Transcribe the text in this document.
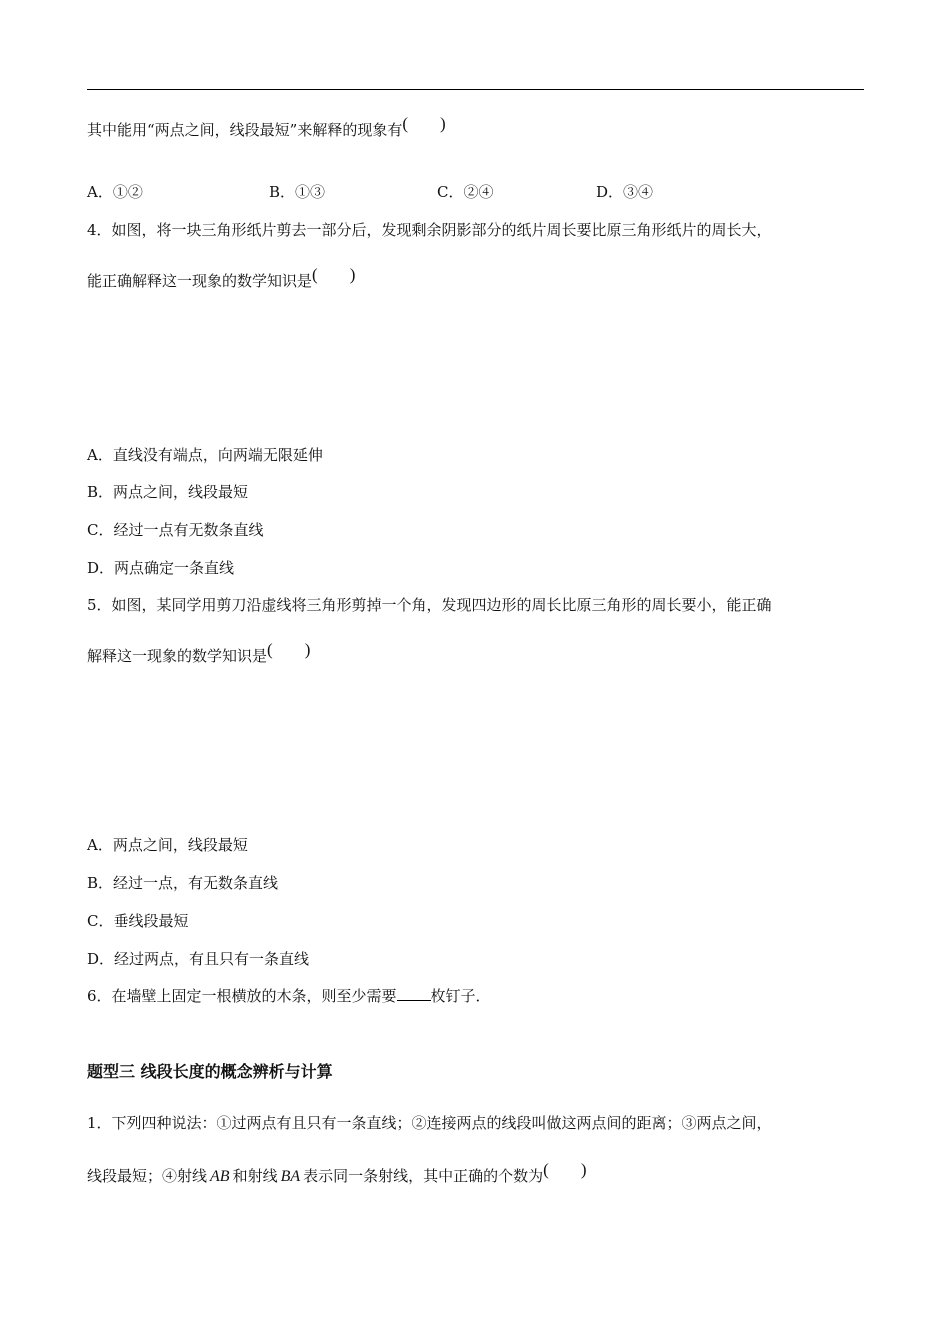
其中能用“两点之间，线段最短”来解释的现象有( )
A．①②	B．①③	C．②④	D．③④
4．如图，将一块三角形纸片剪去一部分后，发现剩余阴影部分的纸片周长要比原三角形纸片的周长大，
能正确解释这一现象的数学知识是( )
A．直线没有端点，向两端无限延伸
B．两点之间，线段最短
C．经过一点有无数条直线
D．两点确定一条直线
5．如图，某同学用剪刀沿虚线将三角形剪掉一个角，发现四边形的周长比原三角形的周长要小，能正确
解释这一现象的数学知识是( )
A．两点之间，线段最短
B．经过一点，有无数条直线
C．垂线段最短
D．经过两点，有且只有一条直线
6．在墙壁上固定一根横放的木条，则至少需要 枚钉子．
题型三 线段长度的概念辨析与计算
1．下列四种说法：①过两点有且只有一条直线；②连接两点的线段叫做这两点间的距离；③两点之间，
线段最短；④射线 AB 和射线 BA 表示同一条射线，其中正确的个数为( )
